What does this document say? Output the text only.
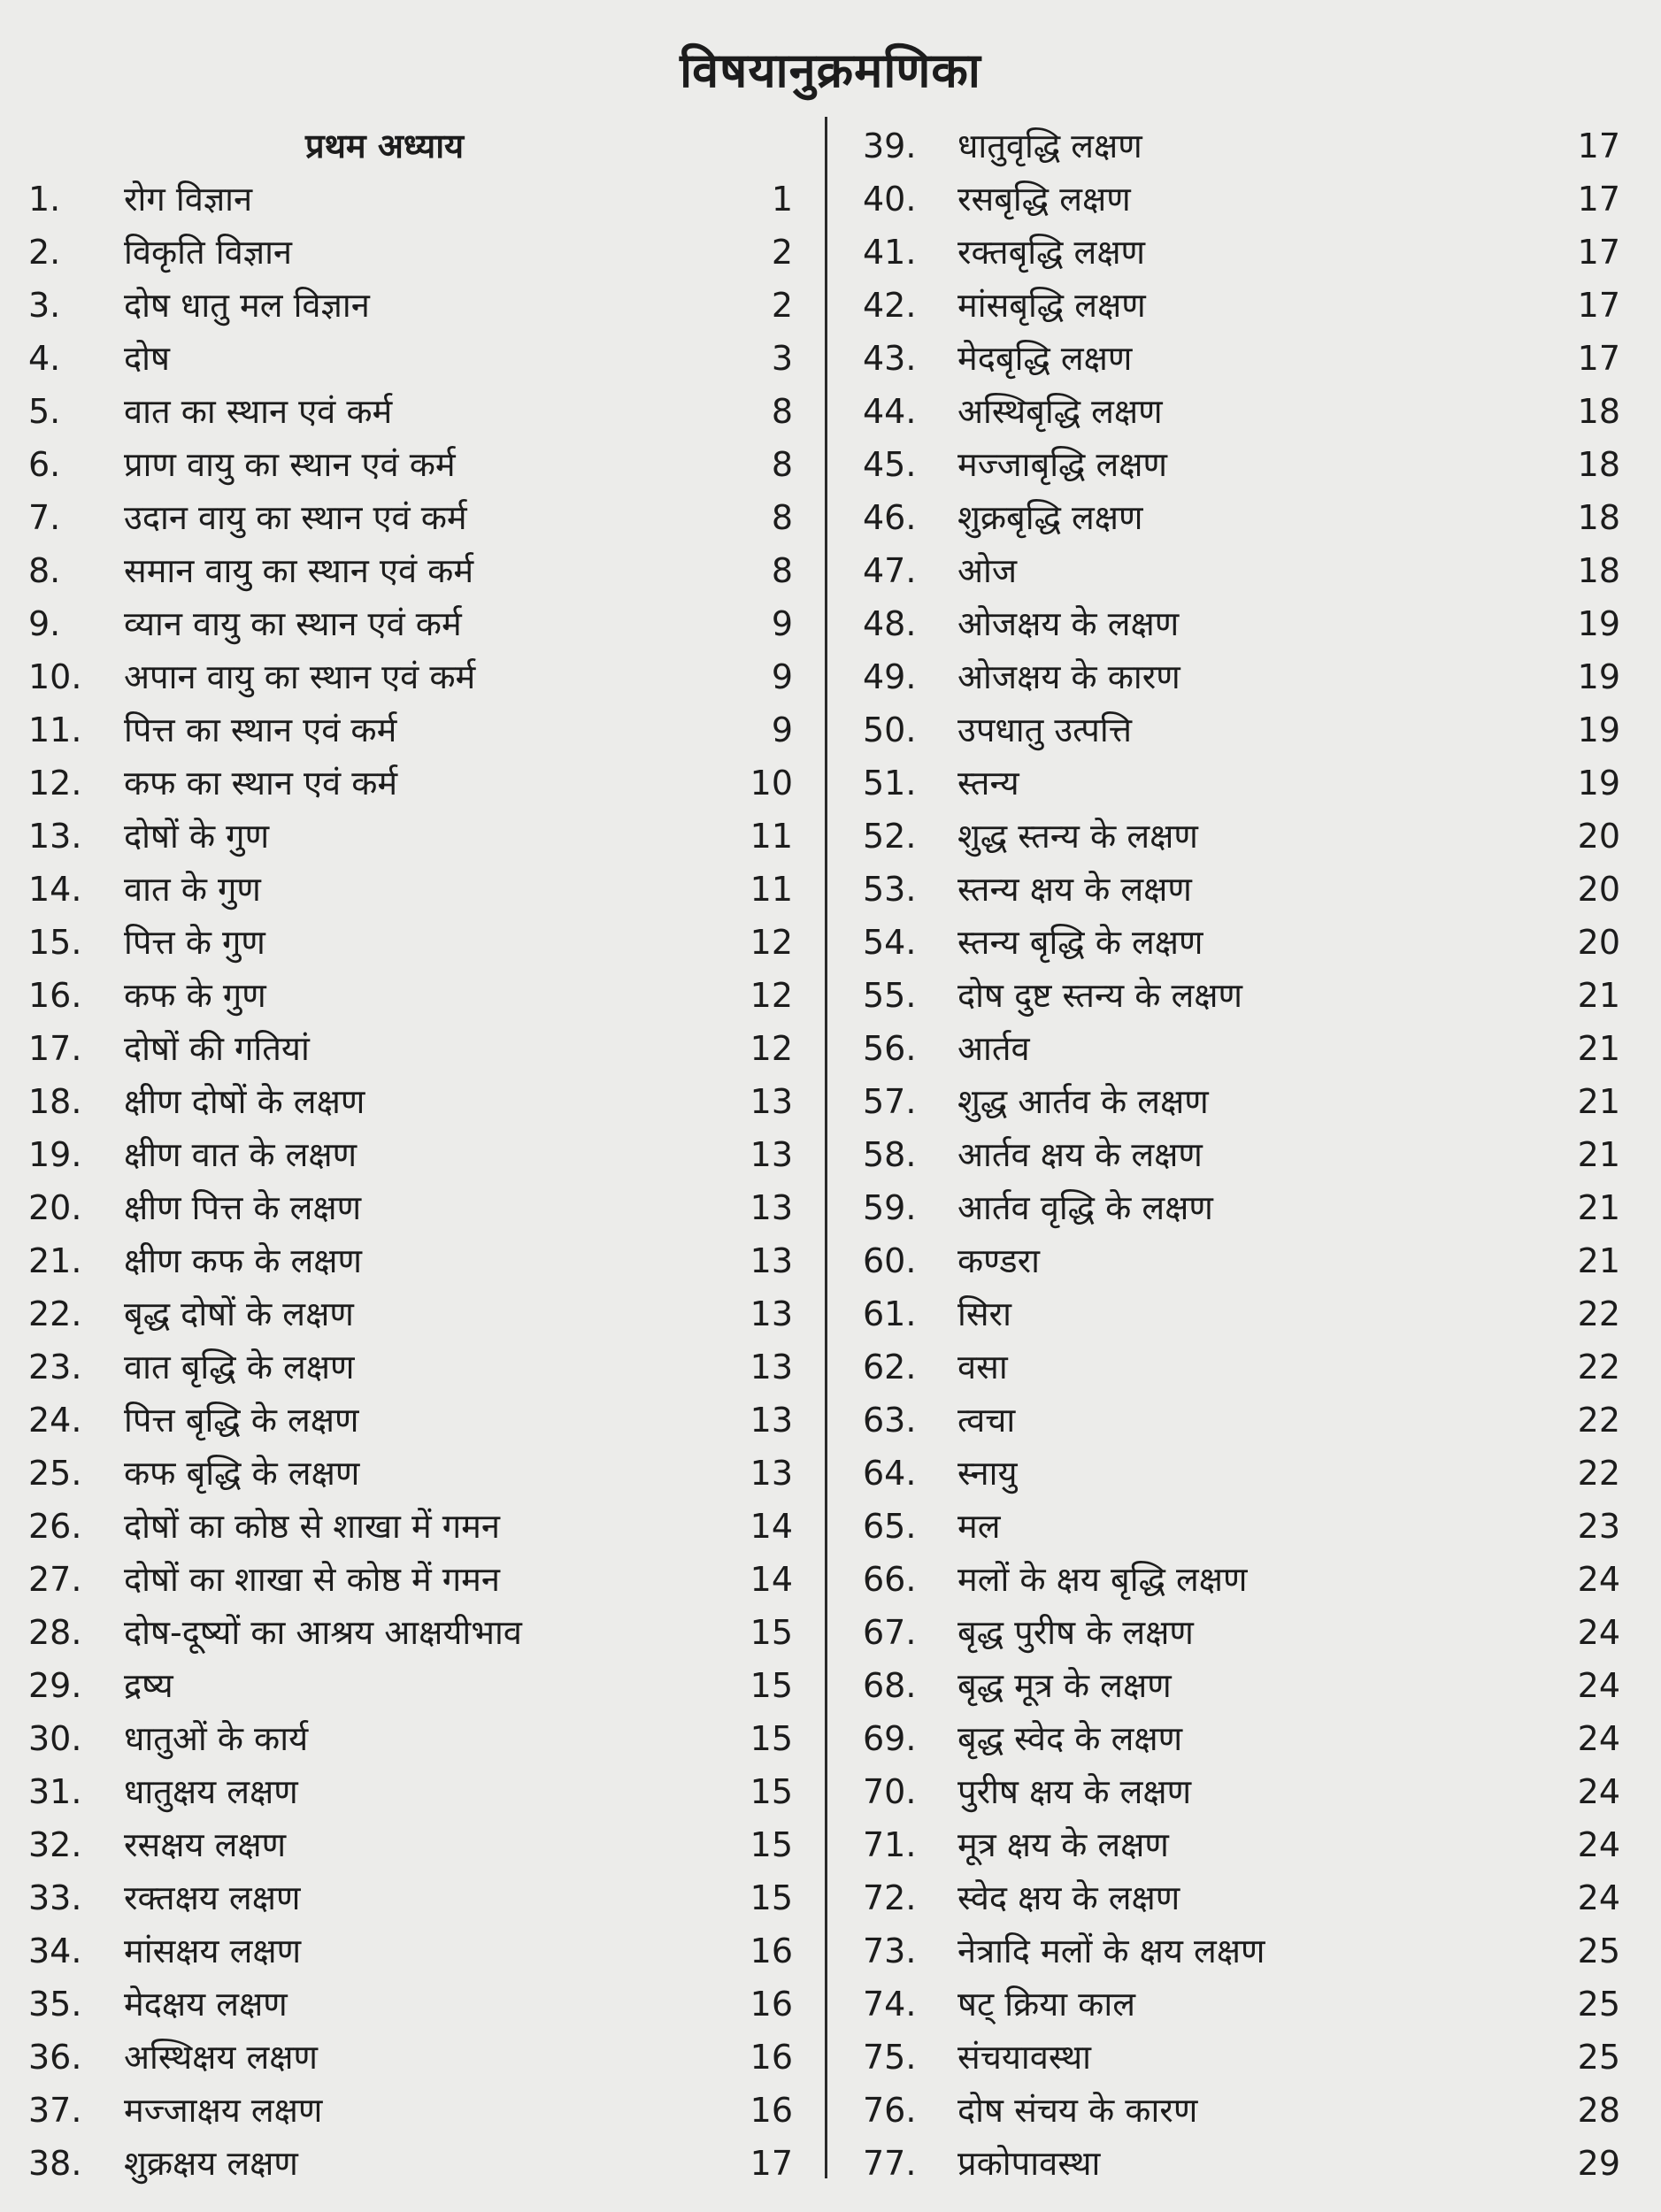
विषयानुक्रमणिका
प्रथम अध्याय
1. रोग विज्ञान	1
2. विकृति विज्ञान	2
3. दोष धातु मल विज्ञान	2
4. दोष	3
5. वात का स्थान एवं कर्म	8
6. प्राण वायु का स्थान एवं कर्म	8
7. उदान वायु का स्थान एवं कर्म	8
8. समान वायु का स्थान एवं कर्म	8
9. व्यान वायु का स्थान एवं कर्म	9
10. अपान वायु का स्थान एवं कर्म	9
11. पित्त का स्थान एवं कर्म	9
12. कफ का स्थान एवं कर्म	10
13. दोषों के गुण	11
14. वात के गुण	11
15. पित्त के गुण	12
16. कफ के गुण	12
17. दोषों की गतियां	12
18. क्षीण दोषों के लक्षण	13
19. क्षीण वात के लक्षण	13
20. क्षीण पित्त के लक्षण	13
21. क्षीण कफ के लक्षण	13
22. बृद्ध दोषों के लक्षण	13
23. वात बृद्धि के लक्षण	13
24. पित्त बृद्धि के लक्षण	13
25. कफ बृद्धि के लक्षण	13
26. दोषों का कोष्ठ से शाखा में गमन	14
27. दोषों का शाखा से कोष्ठ में गमन	14
28. दोष-दूष्यों का आश्रय आक्षयीभाव	15
29. द्रष्य	15
30. धातुओं के कार्य	15
31. धातुक्षय लक्षण	15
32. रसक्षय लक्षण	15
33. रक्तक्षय लक्षण	15
34. मांसक्षय लक्षण	16
35. मेदक्षय लक्षण	16
36. अस्थिक्षय लक्षण	16
37. मज्जाक्षय लक्षण	16
38. शुक्रक्षय लक्षण	17
39. धातुवृद्धि लक्षण	17
40. रसबृद्धि लक्षण	17
41. रक्तबृद्धि लक्षण	17
42. मांसबृद्धि लक्षण	17
43. मेदबृद्धि लक्षण	17
44. अस्थिबृद्धि लक्षण	18
45. मज्जाबृद्धि लक्षण	18
46. शुक्रबृद्धि लक्षण	18
47. ओज	18
48. ओजक्षय के लक्षण	19
49. ओजक्षय के कारण	19
50. उपधातु उत्पत्ति	19
51. स्तन्य	19
52. शुद्ध स्तन्य के लक्षण	20
53. स्तन्य क्षय के लक्षण	20
54. स्तन्य बृद्धि के लक्षण	20
55. दोष दुष्ट स्तन्य के लक्षण	21
56. आर्तव	21
57. शुद्ध आर्तव के लक्षण	21
58. आर्तव क्षय के लक्षण	21
59. आर्तव वृद्धि के लक्षण	21
60. कण्डरा	21
61. सिरा	22
62. वसा	22
63. त्वचा	22
64. स्नायु	22
65. मल	23
66. मलों के क्षय बृद्धि लक्षण	24
67. बृद्ध पुरीष के लक्षण	24
68. बृद्ध मूत्र के लक्षण	24
69. बृद्ध स्वेद के लक्षण	24
70. पुरीष क्षय के लक्षण	24
71. मूत्र क्षय के लक्षण	24
72. स्वेद क्षय के लक्षण	24
73. नेत्रादि मलों के क्षय लक्षण	25
74. षट् क्रिया काल	25
75. संचयावस्था	25
76. दोष संचय के कारण	28
77. प्रकोपावस्था	29
